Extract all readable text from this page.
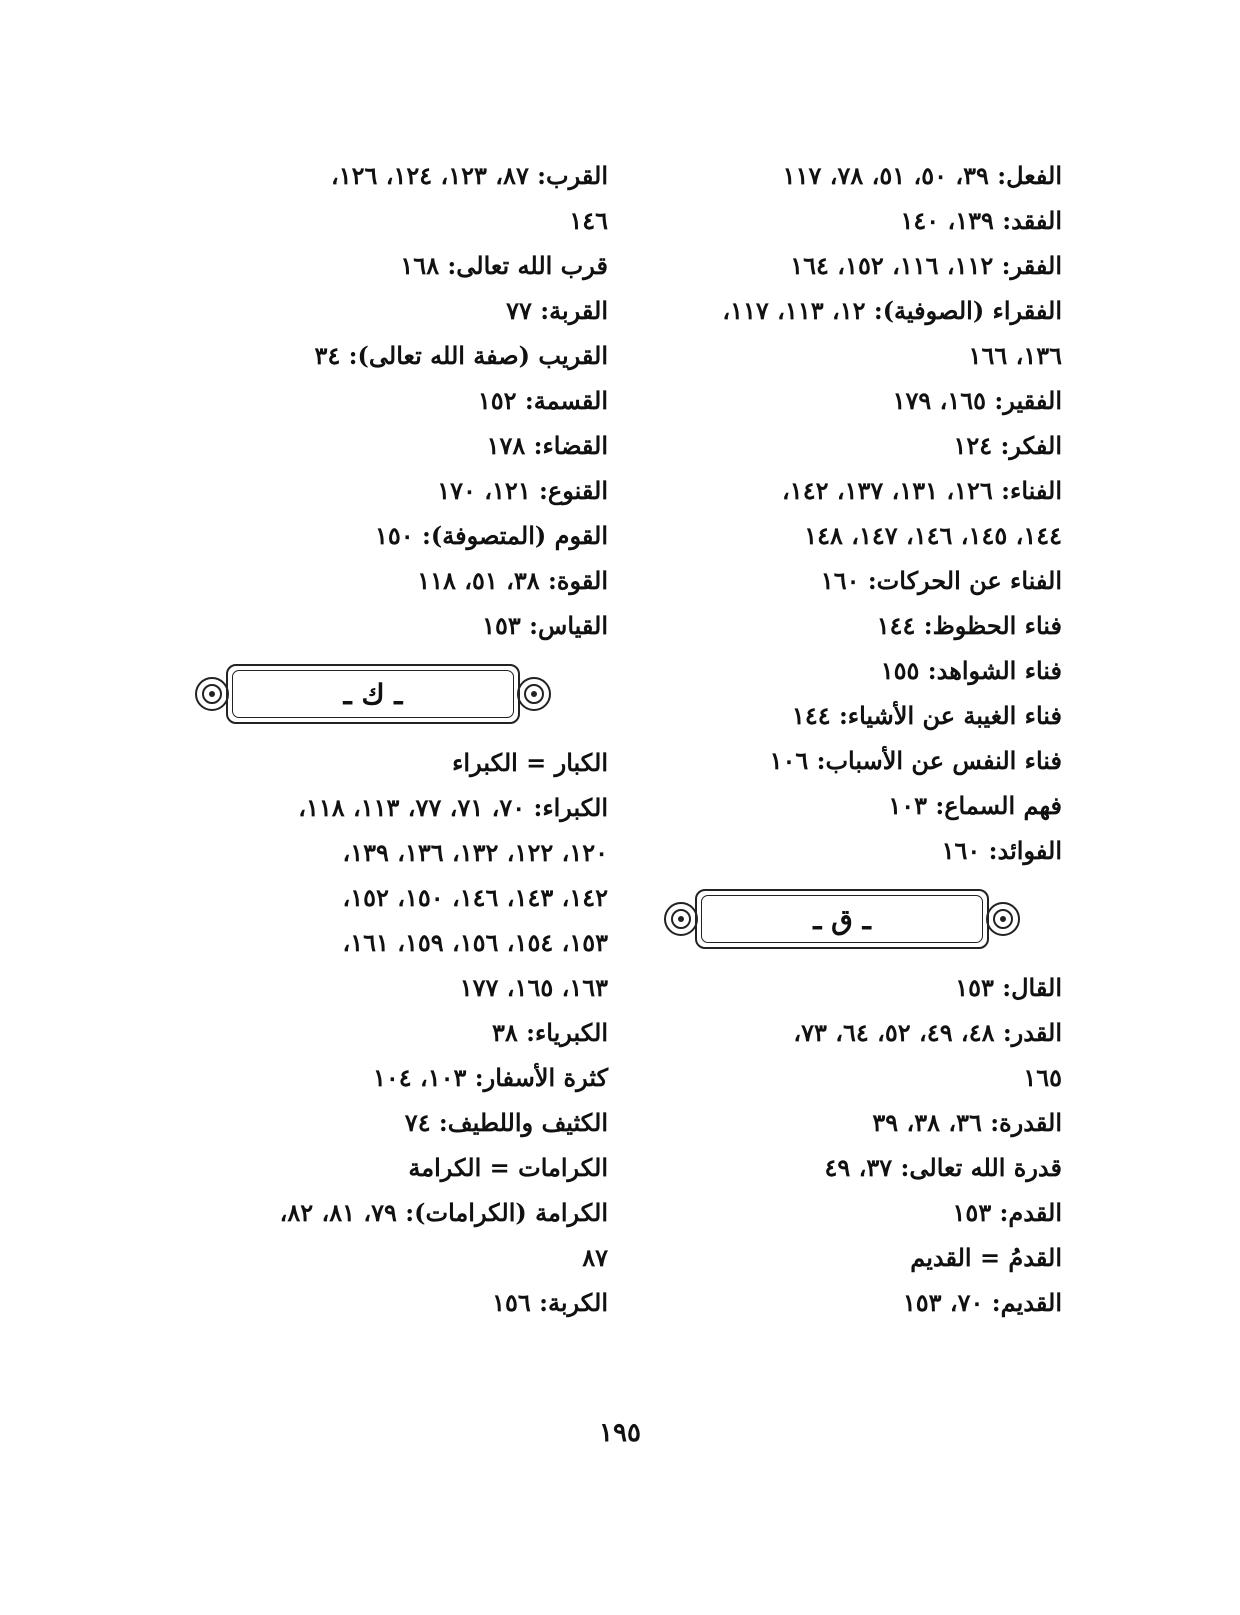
الفعل: ٣٩، ٥٠، ٥١، ٧٨، ١١٧
الفقد: ١٣٩، ١٤٠
الفقر: ١١٢، ١١٦، ١٥٢، ١٦٤
الفقراء (الصوفية): ١٢، ١١٣، ١١٧،
١٣٦، ١٦٦
الفقير: ١٦٥، ١٧٩
الفكر: ١٢٤
الفناء: ١٢٦، ١٣١، ١٣٧، ١٤٢،
١٤٤، ١٤٥، ١٤٦، ١٤٧، ١٤٨
الفناء عن الحركات: ١٦٠
فناء الحظوظ: ١٤٤
فناء الشواهد: ١٥٥
فناء الغيبة عن الأشياء: ١٤٤
فناء النفس عن الأسباب: ١٠٦
فهم السماع: ١٠٣
الفوائد: ١٦٠
ـ ق ـ
القال: ١٥٣
القدر: ٤٨، ٤٩، ٥٢، ٦٤، ٧٣،
١٦٥
القدرة: ٣٦، ٣٨، ٣٩
قدرة الله تعالى: ٣٧، ٤٩
القدم: ١٥٣
القدمُ = القديم
القديم: ٧٠، ١٥٣
القرب: ٨٧، ١٢٣، ١٢٤، ١٢٦،
١٤٦
قرب الله تعالى: ١٦٨
القربة: ٧٧
القريب (صفة الله تعالى): ٣٤
القسمة: ١٥٢
القضاء: ١٧٨
القنوع: ١٢١، ١٧٠
القوم (المتصوفة): ١٥٠
القوة: ٣٨، ٥١، ١١٨
القياس: ١٥٣
ـ ك ـ
الكبار = الكبراء
الكبراء: ٧٠، ٧١، ٧٧، ١١٣، ١١٨،
١٢٠، ١٢٢، ١٣٢، ١٣٦، ١٣٩،
١٤٢، ١٤٣، ١٤٦، ١٥٠، ١٥٢،
١٥٣، ١٥٤، ١٥٦، ١٥٩، ١٦١،
١٦٣، ١٦٥، ١٧٧
الكبرياء: ٣٨
كثرة الأسفار: ١٠٣، ١٠٤
الكثيف واللطيف: ٧٤
الكرامات = الكرامة
الكرامة (الكرامات): ٧٩، ٨١، ٨٢،
٨٧
الكربة: ١٥٦
١٩٥
